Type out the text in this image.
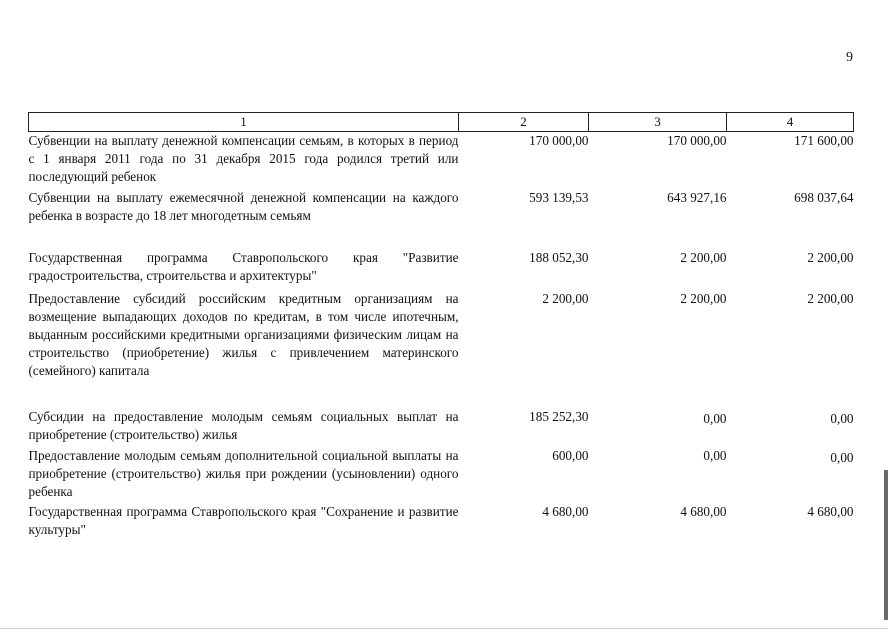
9
1	2	3	4
Субвенции на выплату денежной компенсации семьям, в которых в период с 1 января 2011 года по 31 декабря 2015 года родился третий или последующий ребенок	170 000,00	170 000,00	171 600,00
Субвенции на выплату ежемесячной денежной компенсации на каждого ребенка в возрасте до 18 лет многодетным семьям	593 139,53	643 927,16	698 037,64
Государственная программа Ставропольского края "Развитие градостроительства, строительства и архитектуры"	188 052,30	2 200,00	2 200,00
Предоставление субсидий российским кредитным организациям на возмещение выпадающих доходов по кредитам, в том числе ипотечным, выданным российскими кредитными организациями физическим лицам на строительство (приобретение) жилья с привлечением материнского (семейного) капитала	2 200,00	2 200,00	2 200,00
Субсидии на предоставление молодым семьям социальных выплат на приобретение (строительство) жилья	185 252,30	0,00	0,00
Предоставление молодым семьям дополнительной социальной выплаты на приобретение (строительство) жилья при рождении (усыновлении) одного ребенка	600,00	0,00	0,00
Государственная программа Ставропольского края "Сохранение и развитие культуры"	4 680,00	4 680,00	4 680,00
